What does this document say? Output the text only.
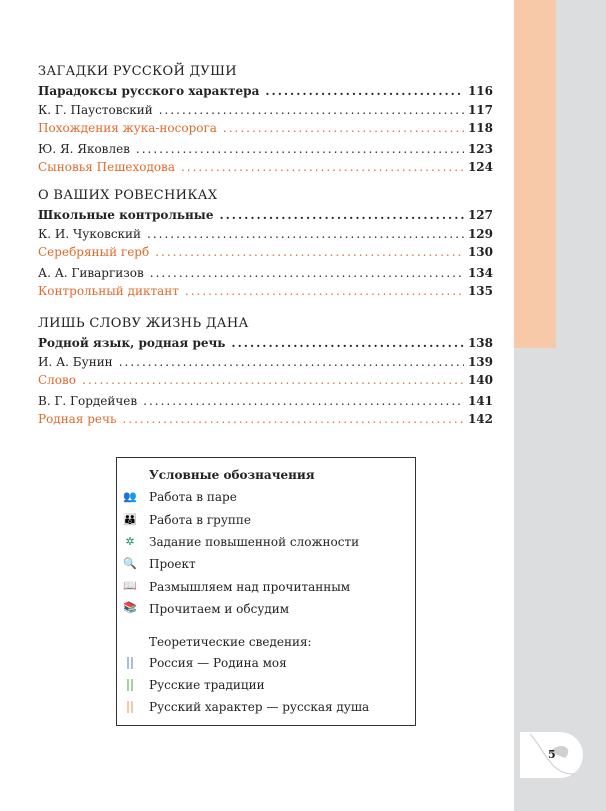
ЗАГАДКИ РУССКОЙ ДУШИ
Парадоксы русского характера .....	116
К. Г. Паустовский .....	117
Похождения жука-носорога .....	118
Ю. Я. Яковлев .....	123
Сыновья Пешеходова .....	124
О ВАШИХ РОВЕСНИКАХ
Школьные контрольные .....	127
К. И. Чуковский .....	129
Серебряный герб .....	130
А. А. Гиваргизов .....	134
Контрольный диктант .....	135
ЛИШЬ СЛОВУ ЖИЗНЬ ДАНА
Родной язык, родная речь .....	138
И. А. Бунин .....	139
Слово .....	140
В. Г. Гордейчев .....	141
Родная речь .....	142
Условные обозначения
👥 Работа в паре
👪 Работа в группе
✲ Задание повышенной сложности
🔍 Проект
📖 Размышляем над прочитанным
📚 Прочитаем и обсудим
Теоретические сведения:
Россия — Родина моя
Русские традиции
Русский характер — русская душа
5
